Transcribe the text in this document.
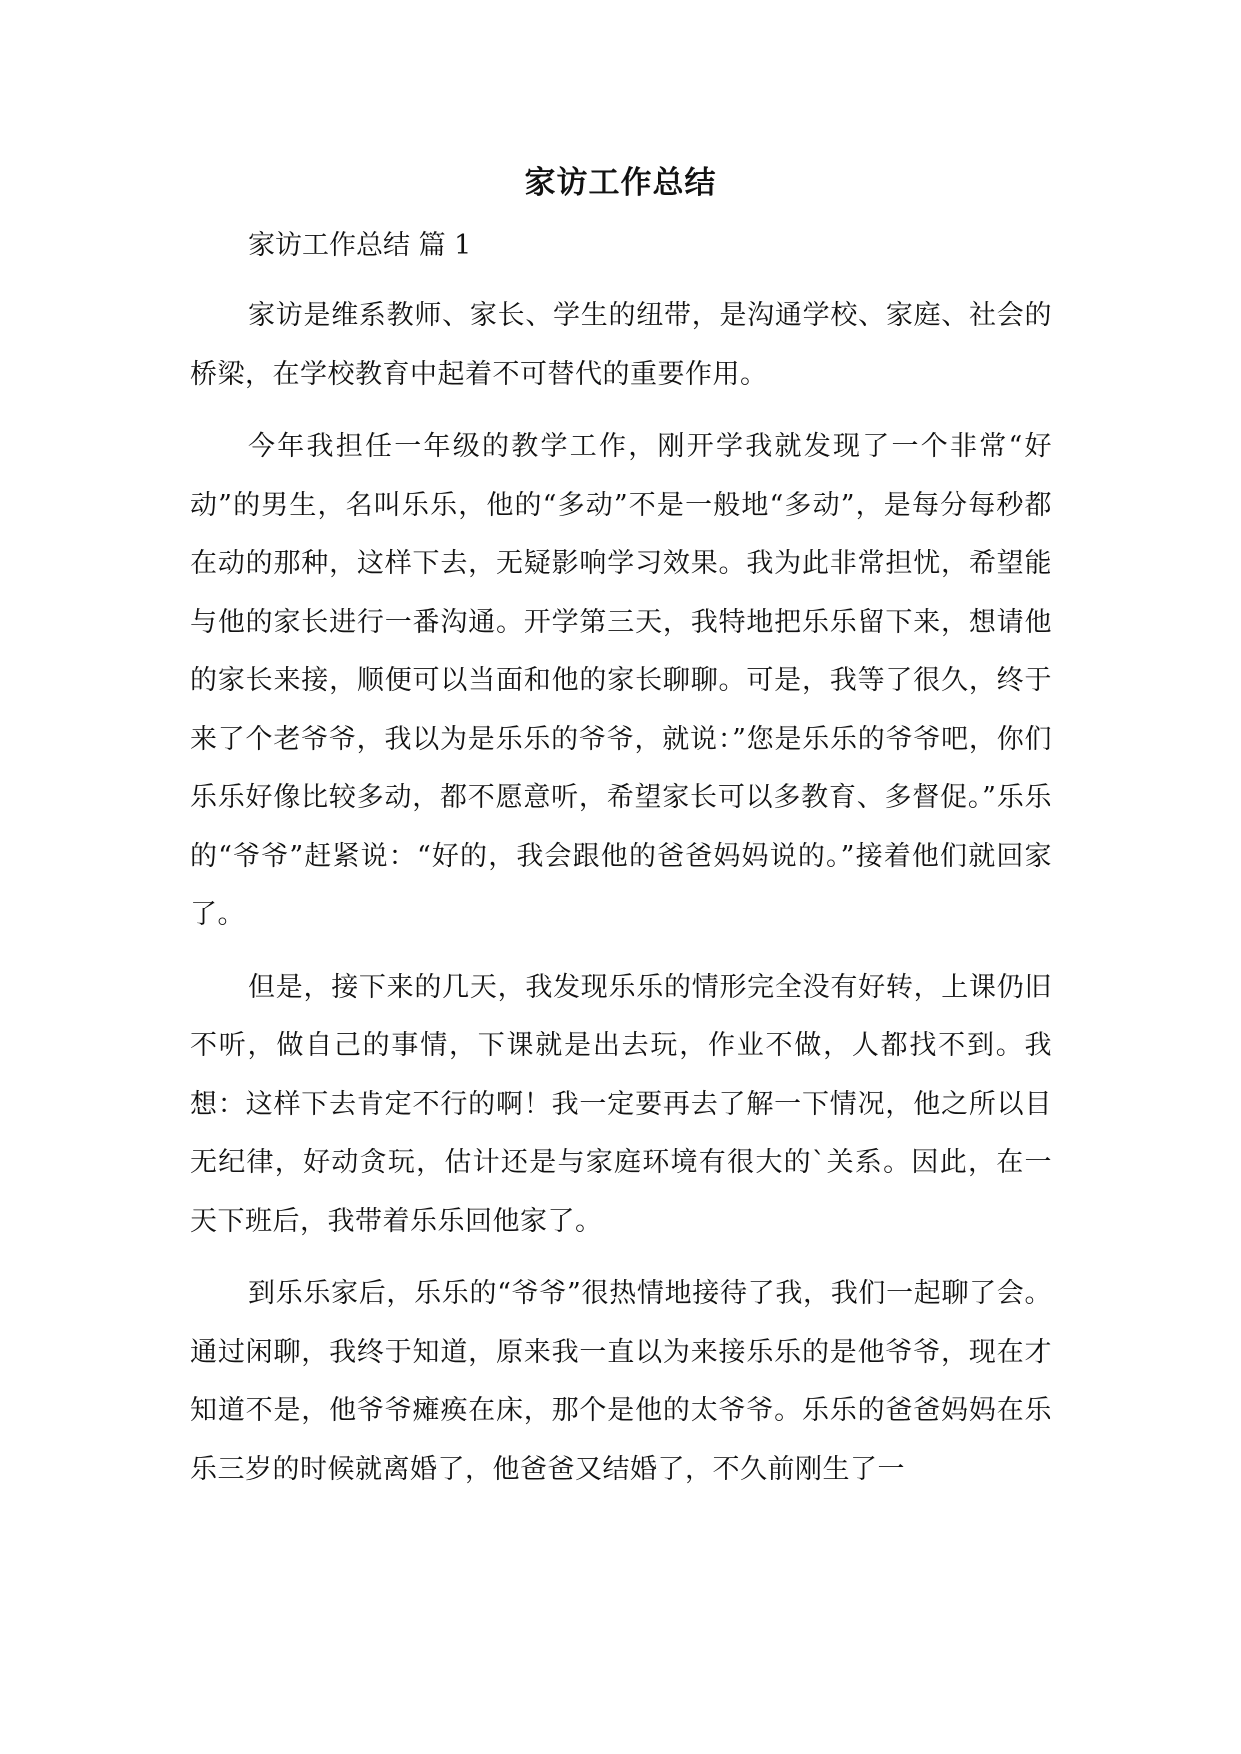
家访工作总结

家访工作总结 篇 1

家访是维系教师、家长、学生的纽带，是沟通学校、家庭、社会的桥梁，在学校教育中起着不可替代的重要作用。

今年我担任一年级的教学工作，刚开学我就发现了一个非常“好动”的男生，名叫乐乐，他的“多动”不是一般地“多动”，是每分每秒都在动的那种，这样下去，无疑影响学习效果。我为此非常担忧，希望能与他的家长进行一番沟通。开学第三天，我特地把乐乐留下来，想请他的家长来接，顺便可以当面和他的家长聊聊。可是，我等了很久，终于来了个老爷爷，我以为是乐乐的爷爷，就说：”您是乐乐的爷爷吧，你们乐乐好像比较多动，都不愿意听，希望家长可以多教育、多督促。”乐乐的“爷爷”赶紧说：“好的，我会跟他的爸爸妈妈说的。”接着他们就回家了。

但是，接下来的几天，我发现乐乐的情形完全没有好转，上课仍旧不听，做自己的事情，下课就是出去玩，作业不做，人都找不到。我想：这样下去肯定不行的啊！我一定要再去了解一下情况，他之所以目无纪律，好动贪玩，估计还是与家庭环境有很大的`关系。因此，在一天下班后，我带着乐乐回他家了。

到乐乐家后，乐乐的“爷爷”很热情地接待了我，我们一起聊了会。通过闲聊，我终于知道，原来我一直以为来接乐乐的是他爷爷，现在才知道不是，他爷爷瘫痪在床，那个是他的太爷爷。乐乐的爸爸妈妈在乐乐三岁的时候就离婚了，他爸爸又结婚了，不久前刚生了一
